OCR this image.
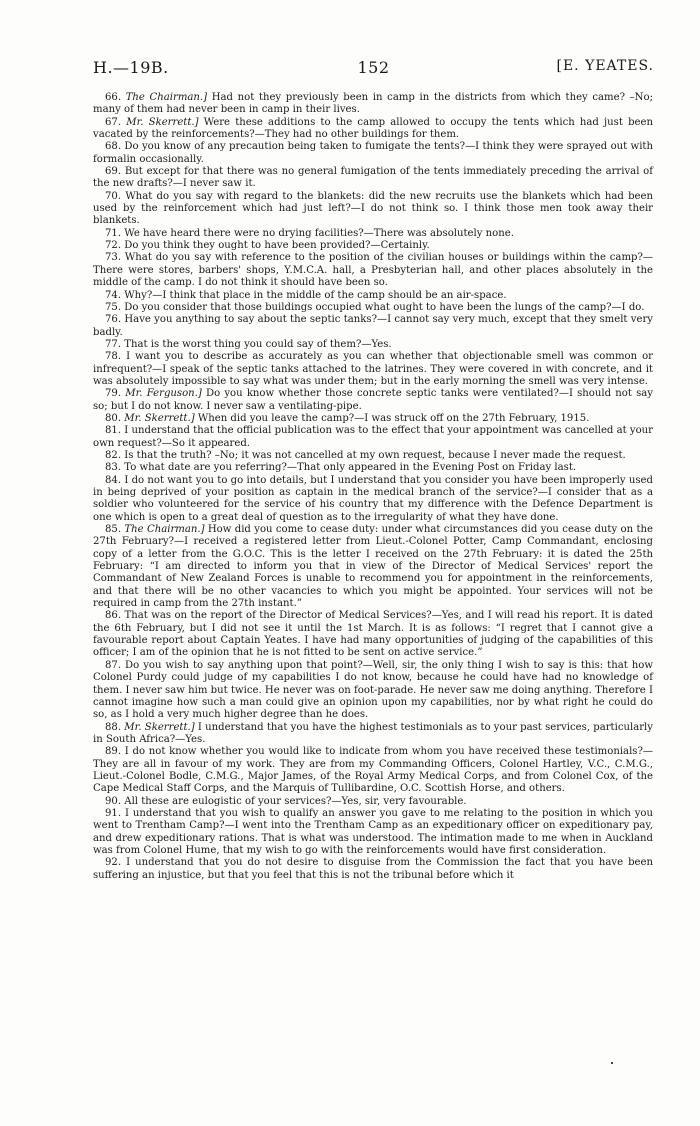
H.—19B.	152	[E. YEATES.

66. The Chairman.] Had not they previously been in camp in the districts from which they came? –No; many of them had never been in camp in their lives.

67. Mr. Skerrett.] Were these additions to the camp allowed to occupy the tents which had just been vacated by the reinforcements?—They had no other buildings for them.

68. Do you know of any precaution being taken to fumigate the tents?—I think they were sprayed out with formalin occasionally.

69. But except for that there was no general fumigation of the tents immediately preceding the arrival of the new drafts?—I never saw it.

70. What do you say with regard to the blankets: did the new recruits use the blankets which had been used by the reinforcement which had just left?—I do not think so. I think those men took away their blankets.

71. We have heard there were no drying facilities?—There was absolutely none.

72. Do you think they ought to have been provided?—Certainly.

73. What do you say with reference to the position of the civilian houses or buildings within the camp?—There were stores, barbers' shops, Y.M.C.A. hall, a Presbyterian hall, and other places absolutely in the middle of the camp. I do not think it should have been so.

74. Why?—I think that place in the middle of the camp should be an air-space.

75. Do you consider that those buildings occupied what ought to have been the lungs of the camp?—I do.

76. Have you anything to say about the septic tanks?—I cannot say very much, except that they smelt very badly.

77. That is the worst thing you could say of them?—Yes.

78. I want you to describe as accurately as you can whether that objectionable smell was common or infrequent?—I speak of the septic tanks attached to the latrines. They were covered in with concrete, and it was absolutely impossible to say what was under them; but in the early morning the smell was very intense.

79. Mr. Ferguson.] Do you know whether those concrete septic tanks were ventilated?—I should not say so; but I do not know. I never saw a ventilating-pipe.

80. Mr. Skerrett.] When did you leave the camp?—I was struck off on the 27th February, 1915.

81. I understand that the official publication was to the effect that your appointment was cancelled at your own request?—So it appeared.

82. Is that the truth? –No; it was not cancelled at my own request, because I never made the request.

83. To what date are you referring?—That only appeared in the Evening Post on Friday last.

84. I do not want you to go into details, but I understand that you consider you have been improperly used in being deprived of your position as captain in the medical branch of the service?—I consider that as a soldier who volunteered for the service of his country that my difference with the Defence Department is one which is open to a great deal of question as to the irregularity of what they have done.

85. The Chairman.] How did you come to cease duty: under what circumstances did you cease duty on the 27th February?—I received a registered letter from Lieut.-Colonel Potter, Camp Commandant, enclosing copy of a letter from the G.O.C. This is the letter I received on the 27th February: it is dated the 25th February: “I am directed to inform you that in view of the Director of Medical Services' report the Commandant of New Zealand Forces is unable to recommend you for appointment in the reinforcements, and that there will be no other vacancies to which you might be appointed. Your services will not be required in camp from the 27th instant.”

86. That was on the report of the Director of Medical Services?—Yes, and I will read his report. It is dated the 6th February, but I did not see it until the 1st March. It is as follows: “I regret that I cannot give a favourable report about Captain Yeates. I have had many opportunities of judging of the capabilities of this officer; I am of the opinion that he is not fitted to be sent on active service.”

87. Do you wish to say anything upon that point?—Well, sir, the only thing I wish to say is this: that how Colonel Purdy could judge of my capabilities I do not know, because he could have had no knowledge of them. I never saw him but twice. He never was on foot-parade. He never saw me doing anything. Therefore I cannot imagine how such a man could give an opinion upon my capabilities, nor by what right he could do so, as I hold a very much higher degree than he does.

88. Mr. Skerrett.] I understand that you have the highest testimonials as to your past services, particularly in South Africa?—Yes.

89. I do not know whether you would like to indicate from whom you have received these testimonials?—They are all in favour of my work. They are from my Commanding Officers, Colonel Hartley, V.C., C.M.G., Lieut.-Colonel Bodle, C.M.G., Major James, of the Royal Army Medical Corps, and from Colonel Cox, of the Cape Medical Staff Corps, and the Marquis of Tullibardine, O.C. Scottish Horse, and others.

90. All these are eulogistic of your services?—Yes, sir, very favourable.

91. I understand that you wish to qualify an answer you gave to me relating to the position in which you went to Trentham Camp?—I went into the Trentham Camp as an expeditionary officer on expeditionary pay, and drew expeditionary rations. That is what was understood. The intimation made to me when in Auckland was from Colonel Hume, that my wish to go with the reinforcements would have first consideration.

92. I understand that you do not desire to disguise from the Commission the fact that you have been suffering an injustice, but that you feel that this is not the tribunal before which it
